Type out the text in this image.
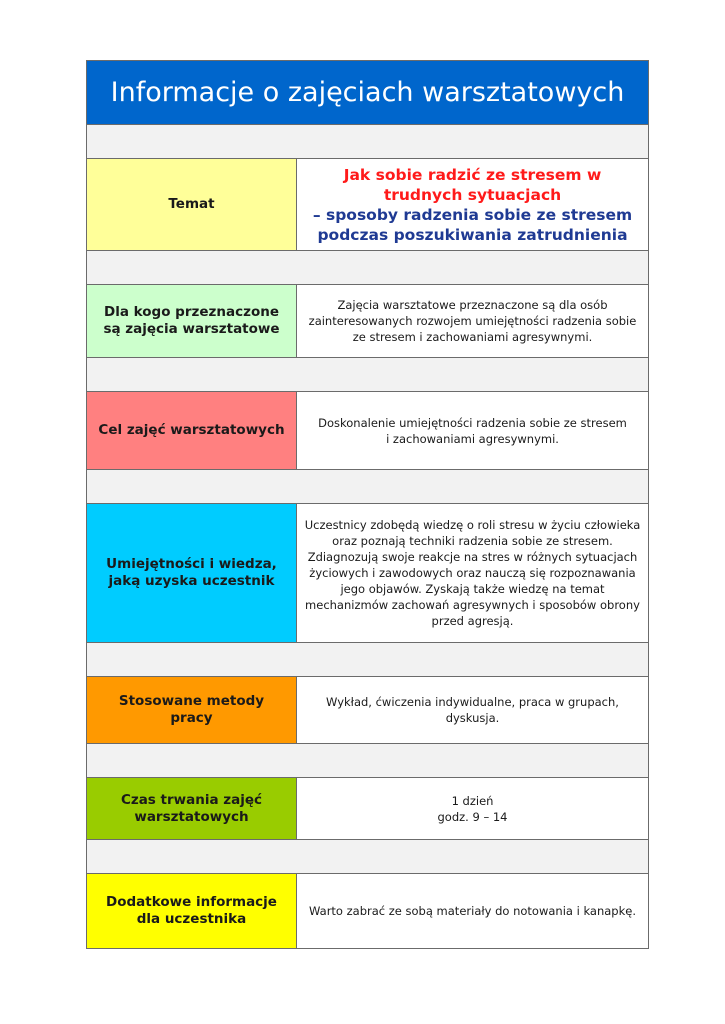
Informacje o zajęciach warsztatowych
Temat
Jak sobie radzić ze stresem w trudnych sytuacjach
– sposoby radzenia sobie ze stresem podczas poszukiwania zatrudnienia
Dla kogo przeznaczone są zajęcia warsztatowe
Zajęcia warsztatowe przeznaczone są dla osób zainteresowanych rozwojem umiejętności radzenia sobie ze stresem i zachowaniami agresywnymi.
Cel zajęć warsztatowych	Doskonalenie umiejętności radzenia sobie ze stresem
i zachowaniami agresywnymi.
Umiejętności i wiedza, jaką uzyska uczestnik
Uczestnicy zdobędą wiedzę o roli stresu w życiu człowieka oraz poznają techniki radzenia sobie ze stresem. Zdiagnozują swoje reakcje na stres w różnych sytuacjach życiowych i zawodowych oraz nauczą się rozpoznawania jego objawów. Zyskają także wiedzę na temat mechanizmów zachowań agresywnych i sposobów obrony przed agresją.
Stosowane metody pracy
Wykład, ćwiczenia indywidualne, praca w grupach, dyskusja.
Czas trwania zajęć warsztatowych
1 dzień
godz. 9 – 14
Dodatkowe informacje dla uczestnika	Warto zabrać ze sobą materiały do notowania i kanapkę.
